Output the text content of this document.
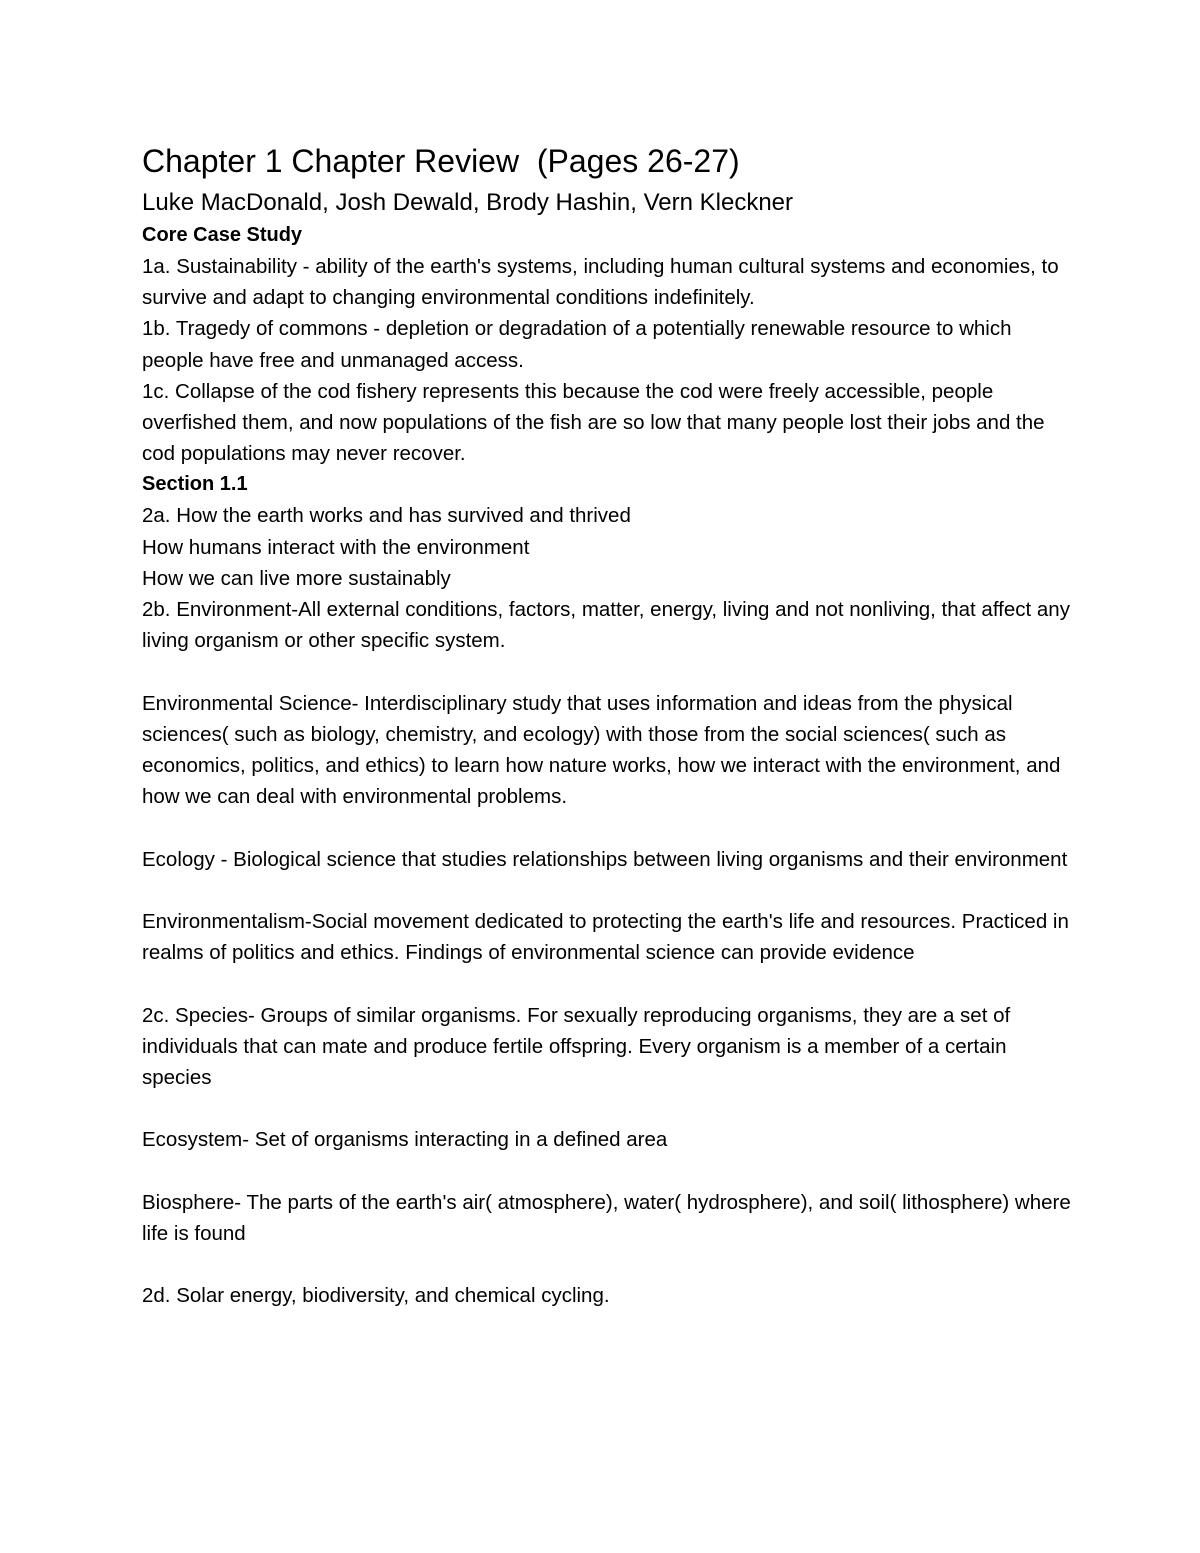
Chapter 1 Chapter Review  (Pages 26-27)
Luke MacDonald, Josh Dewald, Brody Hashin, Vern Kleckner
Core Case Study

1a. Sustainability - ability of the earth's systems, including human cultural systems and economies, to survive and adapt to changing environmental conditions indefinitely.

1b. Tragedy of commons - depletion or degradation of a potentially renewable resource to which people have free and unmanaged access.

1c. Collapse of the cod fishery represents this because the cod were freely accessible, people overfished them, and now populations of the fish are so low that many people lost their jobs and the cod populations may never recover.

Section 1.1

2a. How the earth works and has survived and thrived

How humans interact with the environment

How we can live more sustainably

2b. Environment-All external conditions, factors, matter, energy, living and not nonliving, that affect any living organism or other specific system.

Environmental Science- Interdisciplinary study that uses information and ideas from the physical sciences( such as biology, chemistry, and ecology) with those from the social sciences( such as economics, politics, and ethics) to learn how nature works, how we interact with the environment, and how we can deal with environmental problems.

Ecology - Biological science that studies relationships between living organisms and their environment

Environmentalism-Social movement dedicated to protecting the earth's life and resources. Practiced in realms of politics and ethics. Findings of environmental science can provide evidence

2c. Species- Groups of similar organisms. For sexually reproducing organisms, they are a set of individuals that can mate and produce fertile offspring. Every organism is a member of a certain species

Ecosystem- Set of organisms interacting in a defined area

Biosphere- The parts of the earth's air( atmosphere), water( hydrosphere), and soil( lithosphere) where life is found

2d. Solar energy, biodiversity, and chemical cycling.
